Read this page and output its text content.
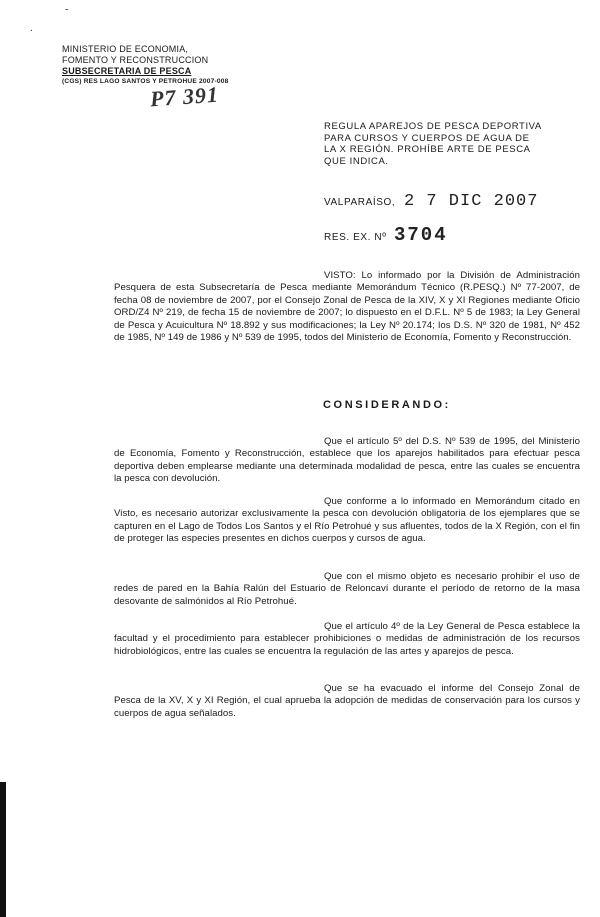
-
·
MINISTERIO DE ECONOMIA,
FOMENTO Y RECONSTRUCCION
SUBSECRETARIA DE PESCA
(CGS) RES LAGO SANTOS Y PETROHUE 2007-008
P7 391
REGULA APAREJOS DE PESCA DEPORTIVA
PARA CURSOS Y CUERPOS DE AGUA DE
LA X REGIÓN. PROHÍBE ARTE DE PESCA
QUE INDICA.
VALPARAÍSO, 2 7 DIC 2007
RES. EX. Nº 3704
VISTO: Lo informado por la División de Administración Pesquera de esta Subsecretaría de Pesca mediante Memorándum Técnico (R.PESQ.) Nº 77-2007, de fecha 08 de noviembre de 2007, por el Consejo Zonal de Pesca de la XIV, X y XI Regiones mediante Oficio ORD/Z4 Nº 219, de fecha 15 de noviembre de 2007; lo dispuesto en el D.F.L. Nº 5 de 1983; la Ley General de Pesca y Acuicultura Nº 18.892 y sus modificaciones; la Ley Nº 20.174; los D.S. Nº 320 de 1981, Nº 452 de 1985, Nº 149 de 1986 y Nº 539 de 1995, todos del Ministerio de Economía, Fomento y Reconstrucción.
CONSIDERANDO:
Que el artículo 5º del D.S. Nº 539 de 1995, del Ministerio de Economía, Fomento y Reconstrucción, establece que los aparejos habilitados para efectuar pesca deportiva deben emplearse mediante una determinada modalidad de pesca, entre las cuales se encuentra la pesca con devolución.
Que conforme a lo informado en Memorándum citado en Visto, es necesario autorizar exclusivamente la pesca con devolución obligatoria de los ejemplares que se capturen en el Lago de Todos Los Santos y el Río Petrohué y sus afluentes, todos de la X Región, con el fin de proteger las especies presentes en dichos cuerpos y cursos de agua.
Que con el mismo objeto es necesario prohibir el uso de redes de pared en la Bahía Ralún del Estuario de Reloncaví durante el período de retorno de la masa desovante de salmónidos al Río Petrohué.
Que el artículo 4º de la Ley General de Pesca establece la facultad y el procedimiento para establecer prohibiciones o medidas de administración de los recursos hidrobiológicos, entre las cuales se encuentra la regulación de las artes y aparejos de pesca.
Que se ha evacuado el informe del Consejo Zonal de Pesca de la XV, X y XI Región, el cual aprueba la adopción de medidas de conservación para los cursos y cuerpos de agua señalados.
